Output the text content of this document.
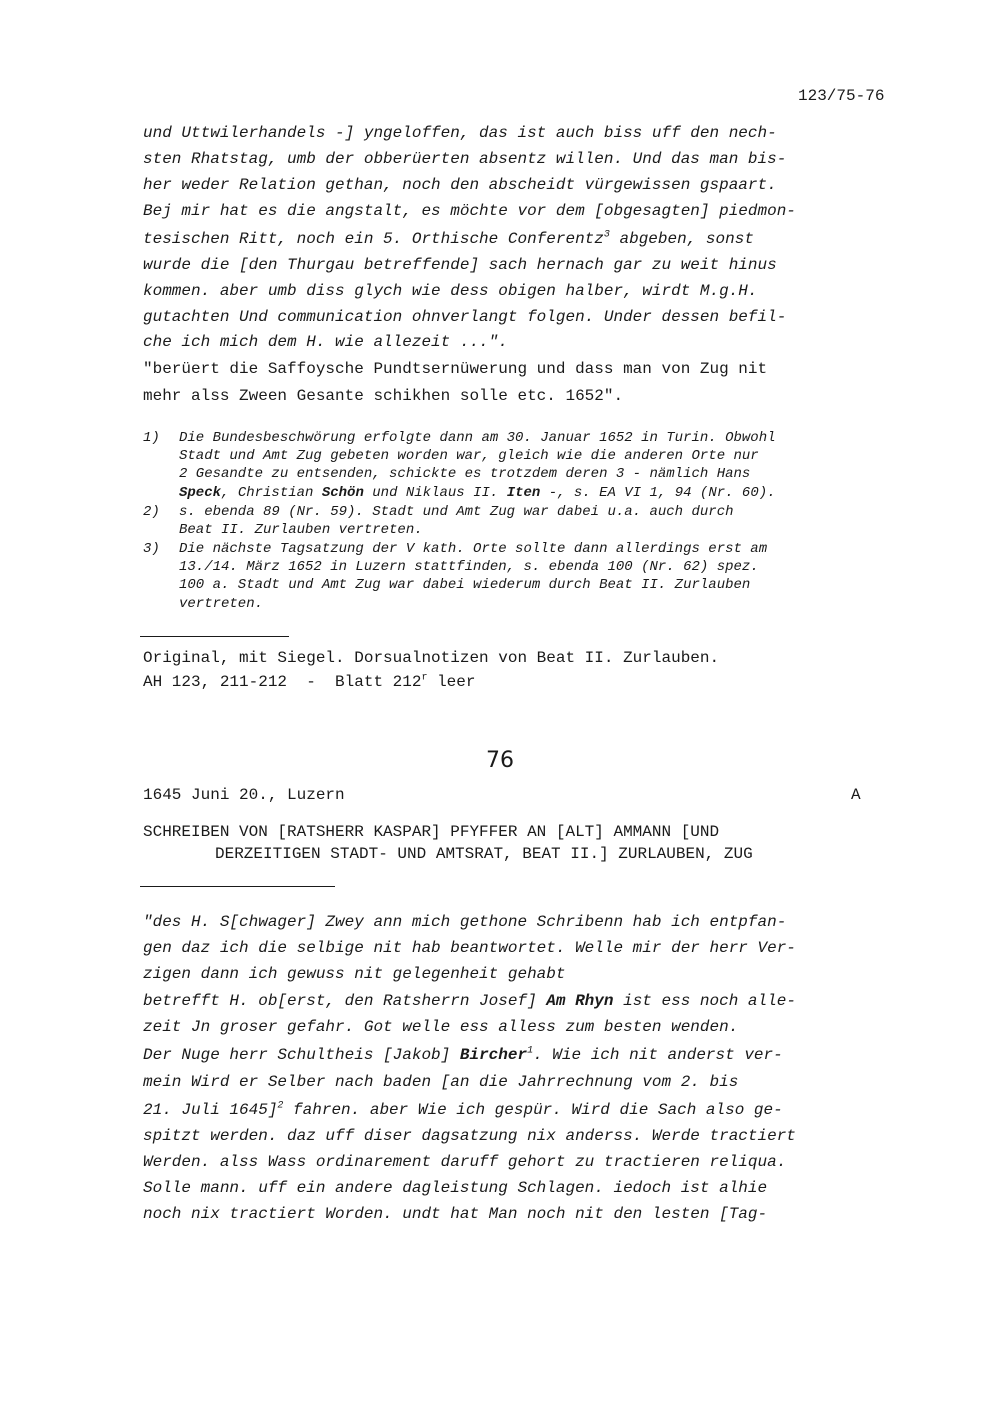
123/75-76
und Uttwilerhandels -] yngeloffen, das ist auch biss uff den nech-
sten Rhatstag, umb der obberüerten absentz willen. Und das man bis-
her weder Relation gethan, noch den abscheidt vürgewissen gspaart.
Bej mir hat es die angstalt, es möchte vor dem [obgesagten] piedmon-
tesischen Ritt, noch ein 5. Orthische Conferentz$^3$ abgeben, sonst
wurde die [den Thurgau betreffende] sach hernach gar zu weit hinus
kommen. aber umb diss glych wie dess obigen halber, wirdt M.g.H.
gutachten Und communication ohnverlangt folgen. Under dessen befil-
che ich mich dem H. wie allezeit ...".
"berüert die Saffoysche Pundtsernüwerung und dass man von Zug nit
mehr alss Zween Gesante schikhen solle etc. 1652".
1) Die Bundesbeschwörung erfolgte dann am 30. Januar 1652 in Turin. Obwohl
Stadt und Amt Zug gebeten worden war, gleich wie die anderen Orte nur
2 Gesandte zu entsenden, schickte es trotzdem deren 3 - nämlich Hans
Speck, Christian Schön und Niklaus II. Iten -, s. EA VI 1, 94 (Nr. 60).
2) s. ebenda 89 (Nr. 59). Stadt und Amt Zug war dabei u.a. auch durch
Beat II. Zurlauben vertreten.
3) Die nächste Tagsatzung der V kath. Orte sollte dann allerdings erst am
13./14. März 1652 in Luzern stattfinden, s. ebenda 100 (Nr. 62) spez.
100 a. Stadt und Amt Zug war dabei wiederum durch Beat II. Zurlauben
vertreten.
Original, mit Siegel. Dorsualnotizen von Beat II. Zurlauben.
AH 123, 211-212  -  Blatt 212$^r$ leer
76
1645 Juni 20., Luzern	A
SCHREIBEN VON [RATSHERR KASPAR] PFYFFER AN [ALT] AMMANN [UND
DERZEITIGEN STADT- UND AMTSRAT, BEAT II.] ZURLAUBEN, ZUG
"des H. S[chwager] Zwey ann mich gethone Schribenn hab ich entpfan-
gen daz ich die selbige nit hab beantwortet. Welle mir der herr Ver-
zigen dann ich gewuss nit gelegenheit gehabt
betrefft H. ob[erst, den Ratsherrn Josef] Am Rhyn ist ess noch alle-
zeit Jn groser gefahr. Got welle ess alless zum besten wenden.
Der Nuge herr Schultheis [Jakob] Bircher$^1$. Wie ich nit anderst ver-
mein Wird er Selber nach baden [an die Jahrrechnung vom 2. bis
21. Juli 1645]$^2$ fahren. aber Wie ich gespür. Wird die Sach also ge-
spitzt werden. daz uff diser dagsatzung nix anderss. Werde tractiert
Werden. alss Wass ordinarement daruff gehort zu tractieren reliqua.
Solle mann. uff ein andere dagleistung Schlagen. iedoch ist alhie
noch nix tractiert Worden. undt hat Man noch nit den lesten [Tag-
